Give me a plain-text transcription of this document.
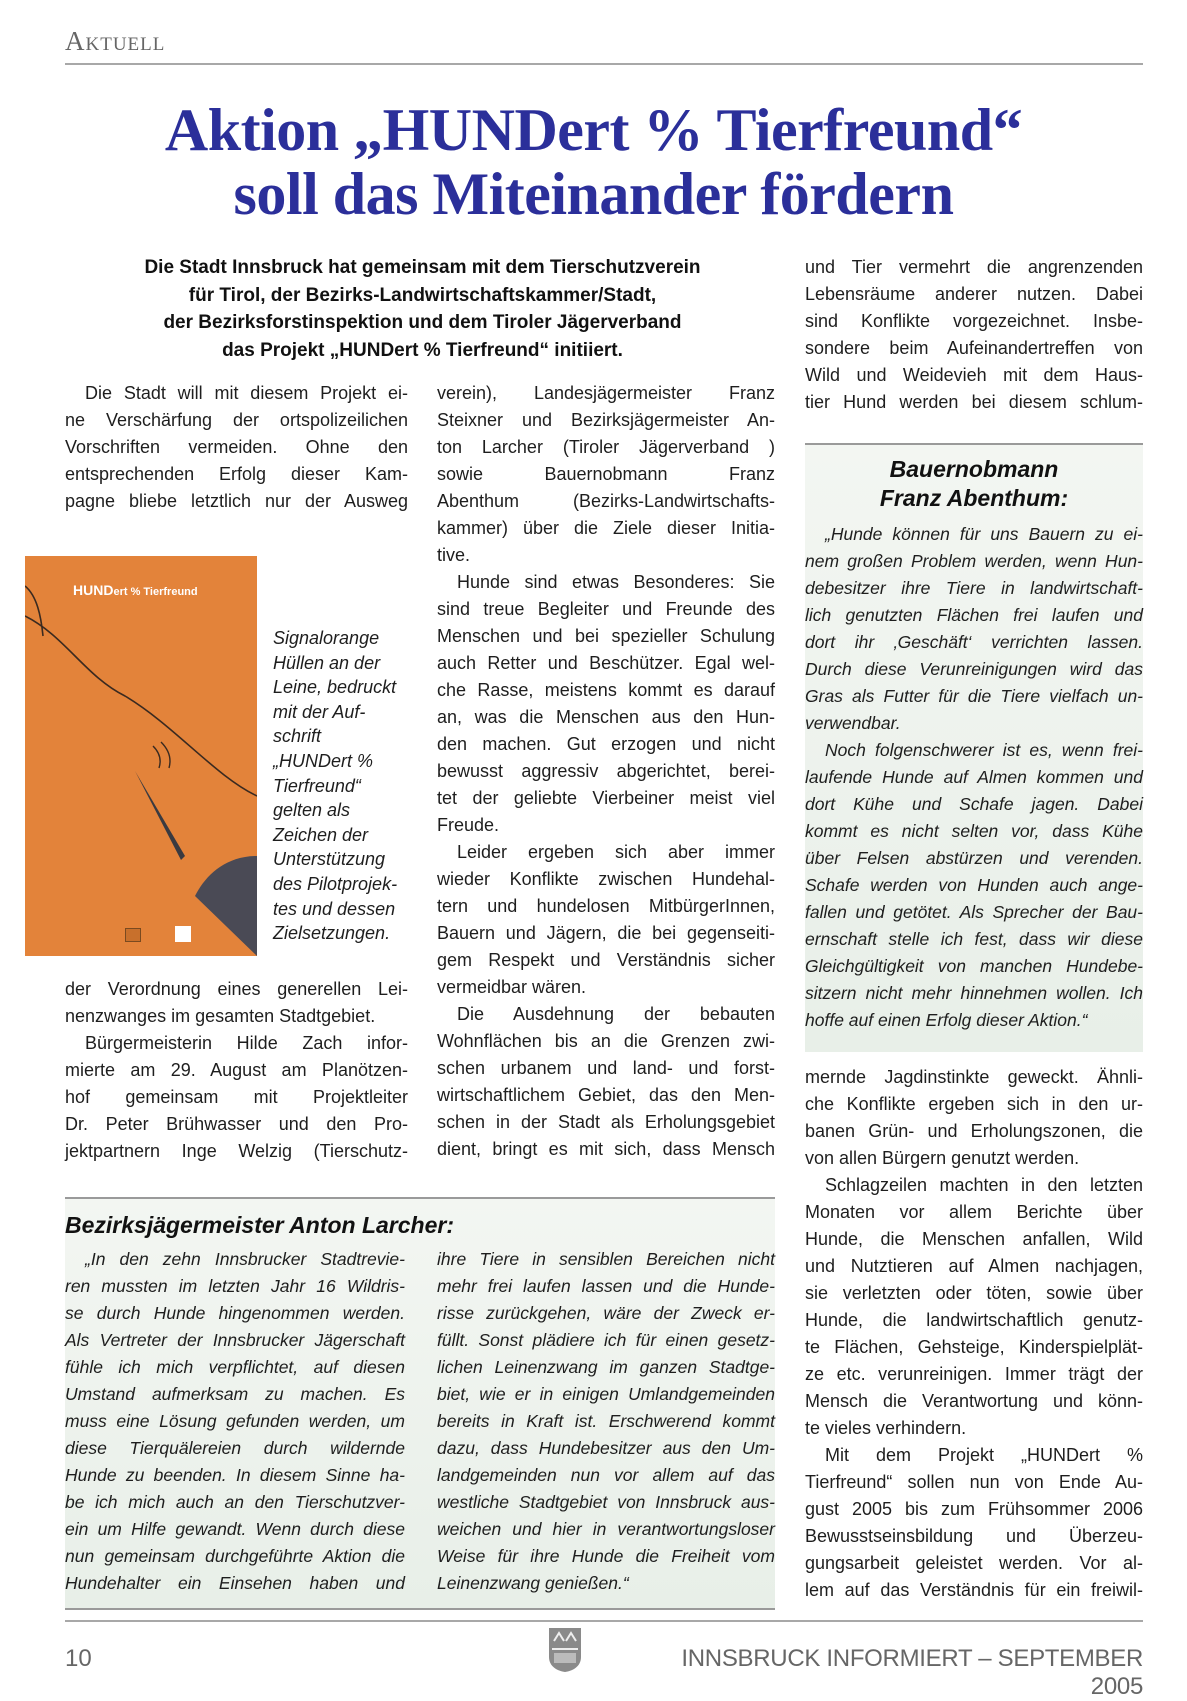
Aktuell
Aktion „HUNDert % Tierfreund“
soll das Miteinander fördern
Die Stadt Innsbruck hat gemeinsam mit dem Tierschutzverein
für Tirol, der Bezirks-Landwirtschaftskammer/Stadt,
der Bezirksforstinspektion und dem Tiroler Jägerverband
das Projekt „HUNDert % Tierfreund“ initiiert.
Die Stadt will mit diesem Projekt ei-
ne Verschärfung der ortspolizeilichen
Vorschriften vermeiden. Ohne den
entsprechenden Erfolg dieser Kam-
pagne bliebe letztlich nur der Ausweg
HUNDert % Tierfreund
Signalorange
Hüllen an der
Leine, bedruckt
mit der Auf-
schrift
„HUNDert %
Tierfreund“
gelten als
Zeichen der
Unterstützung
des Pilotprojek-
tes und dessen
Zielsetzungen.
der Verordnung eines generellen Lei-
nenzwanges im gesamten Stadtgebiet.
Bürgermeisterin Hilde Zach infor-
mierte am 29. August am Planötzen-
hof gemeinsam mit Projektleiter
Dr. Peter Brühwasser und den Pro-
jektpartnern Inge Welzig (Tierschutz-
verein), Landesjägermeister Franz
Steixner und Bezirksjägermeister An-
ton Larcher (Tiroler Jägerverband )
sowie Bauernobmann Franz
Abenthum (Bezirks-Landwirtschafts-
kammer) über die Ziele dieser Initia-
tive.
Hunde sind etwas Besonderes: Sie
sind treue Begleiter und Freunde des
Menschen und bei spezieller Schulung
auch Retter und Beschützer. Egal wel-
che Rasse, meistens kommt es darauf
an, was die Menschen aus den Hun-
den machen. Gut erzogen und nicht
bewusst aggressiv abgerichtet, berei-
tet der geliebte Vierbeiner meist viel
Freude.
Leider ergeben sich aber immer
wieder Konflikte zwischen Hundehal-
tern und hundelosen MitbürgerInnen,
Bauern und Jägern, die bei gegenseiti-
gem Respekt und Verständnis sicher
vermeidbar wären.
Die Ausdehnung der bebauten
Wohnflächen bis an die Grenzen zwi-
schen urbanem und land- und forst-
wirtschaftlichem Gebiet, das den Men-
schen in der Stadt als Erholungsgebiet
dient, bringt es mit sich, dass Mensch
und Tier vermehrt die angrenzenden
Lebensräume anderer nutzen. Dabei
sind Konflikte vorgezeichnet. Insbe-
sondere beim Aufeinandertreffen von
Wild und Weidevieh mit dem Haus-
tier Hund werden bei diesem schlum-
Bauernobmann
Franz Abenthum:
„Hunde können für uns Bauern zu ei-
nem großen Problem werden, wenn Hun-
debesitzer ihre Tiere in landwirtschaft-
lich genutzten Flächen frei laufen und
dort ihr ‚Geschäft‘ verrichten lassen.
Durch diese Verunreinigungen wird das
Gras als Futter für die Tiere vielfach un-
verwendbar.
Noch folgenschwerer ist es, wenn frei-
laufende Hunde auf Almen kommen und
dort Kühe und Schafe jagen. Dabei
kommt es nicht selten vor, dass Kühe
über Felsen abstürzen und verenden.
Schafe werden von Hunden auch ange-
fallen und getötet. Als Sprecher der Bau-
ernschaft stelle ich fest, dass wir diese
Gleichgültigkeit von manchen Hundebe-
sitzern nicht mehr hinnehmen wollen. Ich
hoffe auf einen Erfolg dieser Aktion.“
mernde Jagdinstinkte geweckt. Ähnli-
che Konflikte ergeben sich in den ur-
banen Grün- und Erholungszonen, die
von allen Bürgern genutzt werden.
Schlagzeilen machten in den letzten
Monaten vor allem Berichte über
Hunde, die Menschen anfallen, Wild
und Nutztieren auf Almen nachjagen,
sie verletzten oder töten, sowie über
Hunde, die landwirtschaftlich genutz-
te Flächen, Gehsteige, Kinderspielplät-
ze etc. verunreinigen. Immer trägt der
Mensch die Verantwortung und könn-
te vieles verhindern.
Mit dem Projekt „HUNDert %
Tierfreund“ sollen nun von Ende Au-
gust 2005 bis zum Frühsommer 2006
Bewusstseinsbildung und Überzeu-
gungsarbeit geleistet werden. Vor al-
lem auf das Verständnis für ein freiwil-
Bezirksjägermeister Anton Larcher:
„In den zehn Innsbrucker Stadtrevie-
ren mussten im letzten Jahr 16 Wildris-
se durch Hunde hingenommen werden.
Als Vertreter der Innsbrucker Jägerschaft
fühle ich mich verpflichtet, auf diesen
Umstand aufmerksam zu machen. Es
muss eine Lösung gefunden werden, um
diese Tierquälereien durch wildernde
Hunde zu beenden. In diesem Sinne ha-
be ich mich auch an den Tierschutzver-
ein um Hilfe gewandt. Wenn durch diese
nun gemeinsam durchgeführte Aktion die
Hundehalter ein Einsehen haben und
ihre Tiere in sensiblen Bereichen nicht
mehr frei laufen lassen und die Hunde-
risse zurückgehen, wäre der Zweck er-
füllt. Sonst plädiere ich für einen gesetz-
lichen Leinenzwang im ganzen Stadtge-
biet, wie er in einigen Umlandgemeinden
bereits in Kraft ist. Erschwerend kommt
dazu, dass Hundebesitzer aus den Um-
landgemeinden nun vor allem auf das
westliche Stadtgebiet von Innsbruck aus-
weichen und hier in verantwortungsloser
Weise für ihre Hunde die Freiheit vom
Leinenzwang genießen.“
10	INNSBRUCK INFORMIERT – SEPTEMBER 2005
